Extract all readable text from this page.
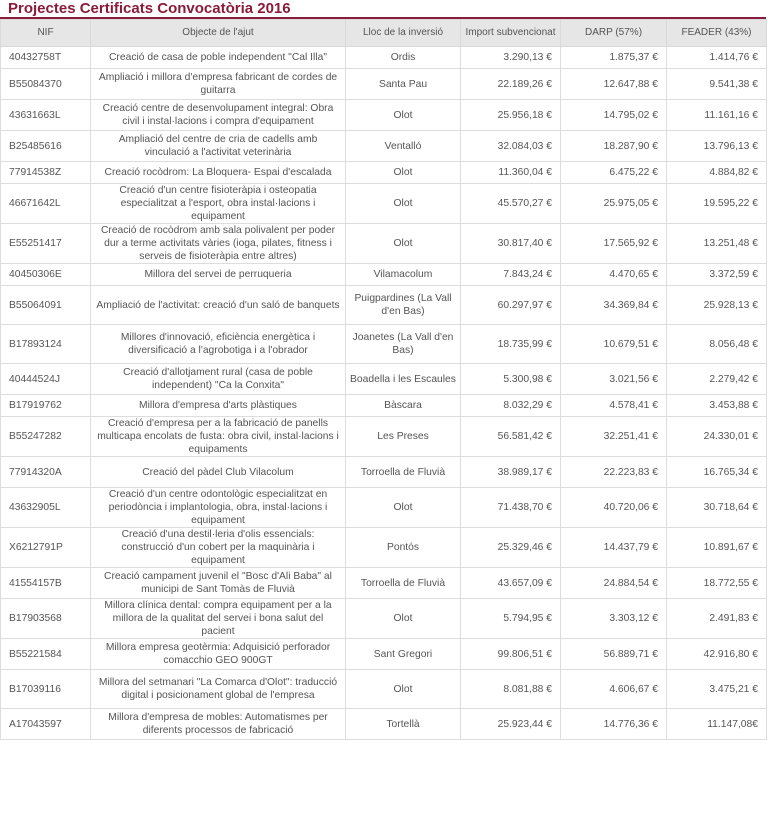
Projectes Certificats Convocatòria 2016
NIF	Objecte de l'ajut	Lloc de la inversió	Import subvencionat	DARP (57%)	FEADER (43%)
40432758T	Creació de casa de poble independent "Cal Illa"	Ordis	3.290,13 €	1.875,37 €	1.414,76 €
B55084370	Ampliació i millora d'empresa fabricant de cordes de guitarra	Santa Pau	22.189,26 €	12.647,88 €	9.541,38 €
43631663L	Creació centre de desenvolupament integral: Obra civil i instal·lacions i compra d'equipament	Olot	25.956,18 €	14.795,02 €	11.161,16 €
B25485616	Ampliació del centre de cria de cadells amb vinculació a l'activitat veterinària	Ventalló	32.084,03 €	18.287,90 €	13.796,13 €
77914538Z	Creació rocòdrom: La Bloquera- Espai d'escalada	Olot	11.360,04 €	6.475,22 €	4.884,82 €
46671642L	Creació d'un centre fisioteràpia i osteopatia especialitzat a l'esport, obra instal·lacions i equipament	Olot	45.570,27 €	25.975,05 €	19.595,22 €
E55251417	Creació de rocòdrom amb sala polivalent per poder dur a terme activitats vàries (ioga, pilates, fitness i serveis de fisioteràpia entre altres)	Olot	30.817,40 €	17.565,92 €	13.251,48 €
40450306E	Millora del servei de perruqueria	Vilamacolum	7.843,24 €	4.470,65 €	3.372,59 €
B55064091	Ampliació de l'activitat: creació d'un saló de banquets	Puigpardines (La Vall d'en Bas)	60.297,97 €	34.369,84 €	25.928,13 €
B17893124	Millores d'innovació, eficiència energètica i diversificació a l'agrobotiga i a l'obrador	Joanetes (La Vall d'en Bas)	18.735,99 €	10.679,51 €	8.056,48 €
40444524J	Creació d'allotjament rural (casa de poble independent) "Ca la Conxita"	Boadella i les Escaules	5.300,98 €	3.021,56 €	2.279,42 €
B17919762	Millora d'empresa d'arts plàstiques	Bàscara	8.032,29 €	4.578,41 €	3.453,88 €
B55247282	Creació d'empresa per a la fabricació de panells multicapa encolats de fusta: obra civil, instal·lacions i equipaments	Les Preses	56.581,42 €	32.251,41 €	24.330,01 €
77914320A	Creació del pàdel Club Vilacolum	Torroella de Fluvià	38.989,17 €	22.223,83 €	16.765,34 €
43632905L	Creació d'un centre odontològic especialitzat en periodòncia i implantologia, obra, instal·lacions i equipament	Olot	71.438,70 €	40.720,06 €	30.718,64 €
X6212791P	Creació d'una destil·leria d'olis essencials: construcció d'un cobert per la maquinària i equipament	Pontós	25.329,46 €	14.437,79 €	10.891,67 €
41554157B	Creació campament juvenil el "Bosc d'Ali Baba" al municipi de Sant Tomàs de Fluvià	Torroella de Fluvià	43.657,09 €	24.884,54 €	18.772,55 €
B17903568	Millora clínica dental: compra equipament per a la millora de la qualitat del servei i bona salut del pacient	Olot	5.794,95 €	3.303,12 €	2.491,83 €
B55221584	Millora empresa geotèrmia: Adquisició perforador comacchio GEO 900GT	Sant Gregori	99.806,51 €	56.889,71 €	42.916,80 €
B17039116	Millora del setmanari "La Comarca d'Olot": traducció digital i posicionament global de l'empresa	Olot	8.081,88 €	4.606,67 €	3.475,21 €
A17043597	Millora d'empresa de mobles: Automatismes per diferents processos de fabricació	Tortellà	25.923,44 €	14.776,36 €	11.147,08€
